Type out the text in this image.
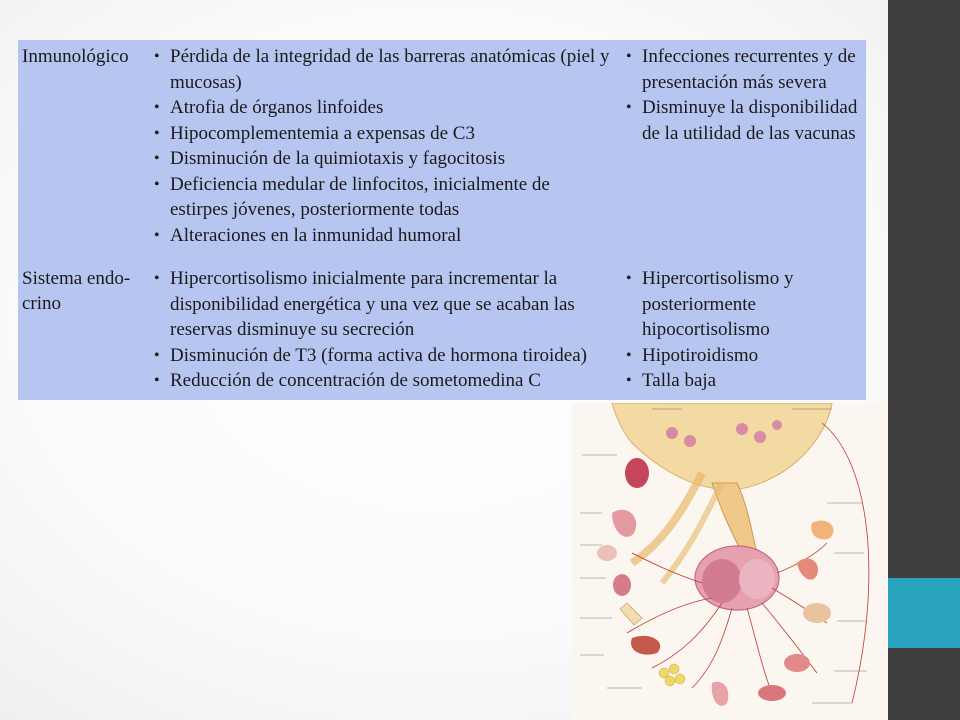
Inmunológico	• Pérdida de la integridad de las barreras anatómicas (piel y mucosas)
• Atrofia de órganos linfoides
• Hipocomplementemia a expensas de C3
• Disminución de la quimiotaxis y fagocitosis
• Deficiencia medular de linfocitos, inicialmente de estirpes jóvenes, posteriormente todas
• Alteraciones en la inmunidad humoral
• Infecciones recurrentes y de presentación más severa
• Disminuye la disponibilidad de la utilidad de las vacunas
Sistema endo-crino
• Hipercortisolismo inicialmente para incrementar la disponibilidad energética y una vez que se acaban las reservas disminuye su secreción
• Disminución de T3 (forma activa de hormona tiroidea)
• Reducción de concentración de sometomedina C
• Hipercortisolismo y posteriormente hipocortisolismo
• Hipotiroidismo
• Talla baja
